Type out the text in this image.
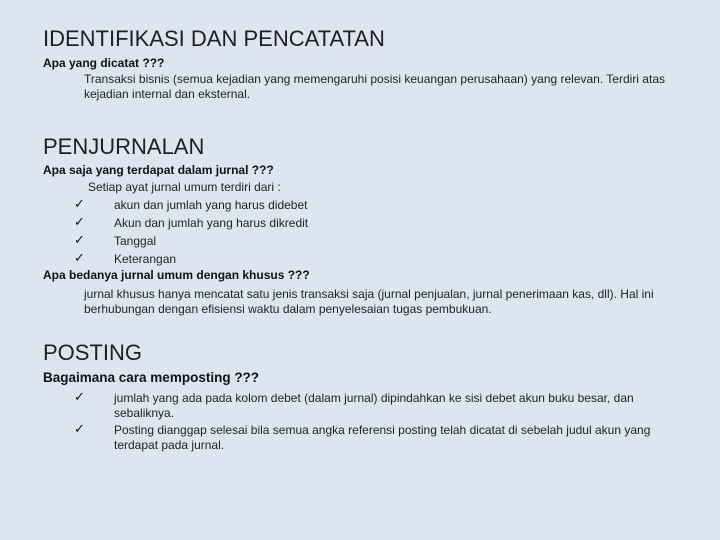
IDENTIFIKASI DAN PENCATATAN
Apa yang dicatat ???
Transaksi bisnis (semua kejadian yang memengaruhi posisi keuangan perusahaan) yang relevan. Terdiri atas kejadian internal dan eksternal.
PENJURNALAN
Apa saja yang terdapat dalam jurnal ???
Setiap ayat jurnal umum terdiri dari :
✓ akun dan jumlah yang harus didebet
✓ Akun dan jumlah yang harus dikredit
✓ Tanggal
✓ Keterangan
Apa bedanya jurnal umum dengan khusus ???
jurnal khusus hanya mencatat satu jenis transaksi saja (jurnal penjualan, jurnal penerimaan kas, dll). Hal ini berhubungan dengan efisiensi waktu dalam penyelesaian tugas pembukuan.
POSTING
Bagaimana cara memposting ???
✓ jumlah yang ada pada kolom debet (dalam jurnal) dipindahkan ke sisi debet akun buku besar, dan sebaliknya.
✓ Posting dianggap selesai bila semua angka referensi posting telah dicatat di sebelah judul akun yang terdapat pada jurnal.
